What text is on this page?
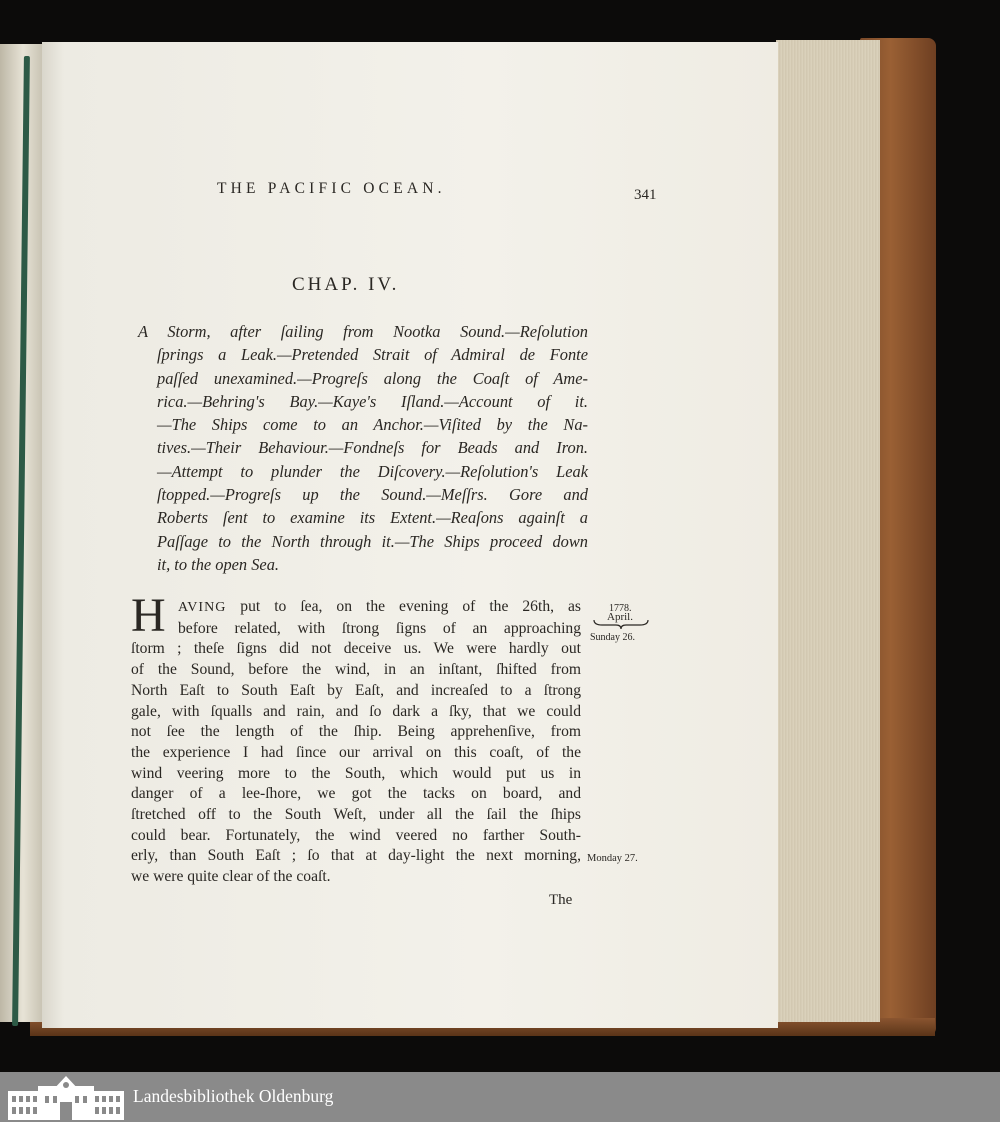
THE PACIFIC OCEAN.	341
CHAP. IV.

A Storm, after ſailing from Nootka Sound.—Reſolution
ſprings a Leak.—Pretended Strait of Admiral de Fonte
paſſed unexamined.—Progreſs along the Coaſt of Ame-
rica.—Behring's Bay.—Kaye's Iſland.—Account of it.
—The Ships come to an Anchor.—Viſited by the Na-
tives.—Their Behaviour.—Fondneſs for Beads and Iron.
—Attempt to plunder the Diſcovery.—Reſolution's Leak
ſtopped.—Progreſs up the Sound.—Meſſrs. Gore and
Roberts ſent to examine its Extent.—Reaſons againſt a
Paſſage to the North through it.—The Ships proceed down
it, to the open Sea.

H AVING put to ſea, on the evening of the 26th, as
before related, with ſtrong ſigns of an approaching
ſtorm ; theſe ſigns did not deceive us. We were hardly out
of the Sound, before the wind, in an inſtant, ſhifted from
North Eaſt to South Eaſt by Eaſt, and increaſed to a ſtrong
gale, with ſqualls and rain, and ſo dark a ſky, that we could
not ſee the length of the ſhip. Being apprehenſive, from
the experience I had ſince our arrival on this coaſt, of the
wind veering more to the South, which would put us in
danger of a lee-ſhore, we got the tacks on board, and
ſtretched off to the South Weſt, under all the ſail the ſhips
could bear. Fortunately, the wind veered no farther South-
erly, than South Eaſt ; ſo that at day-light the next morning,
we were quite clear of the coaſt.

The
1778.
April.
Sunday 26.
Monday 27.
Landesbibliothek Oldenburg
